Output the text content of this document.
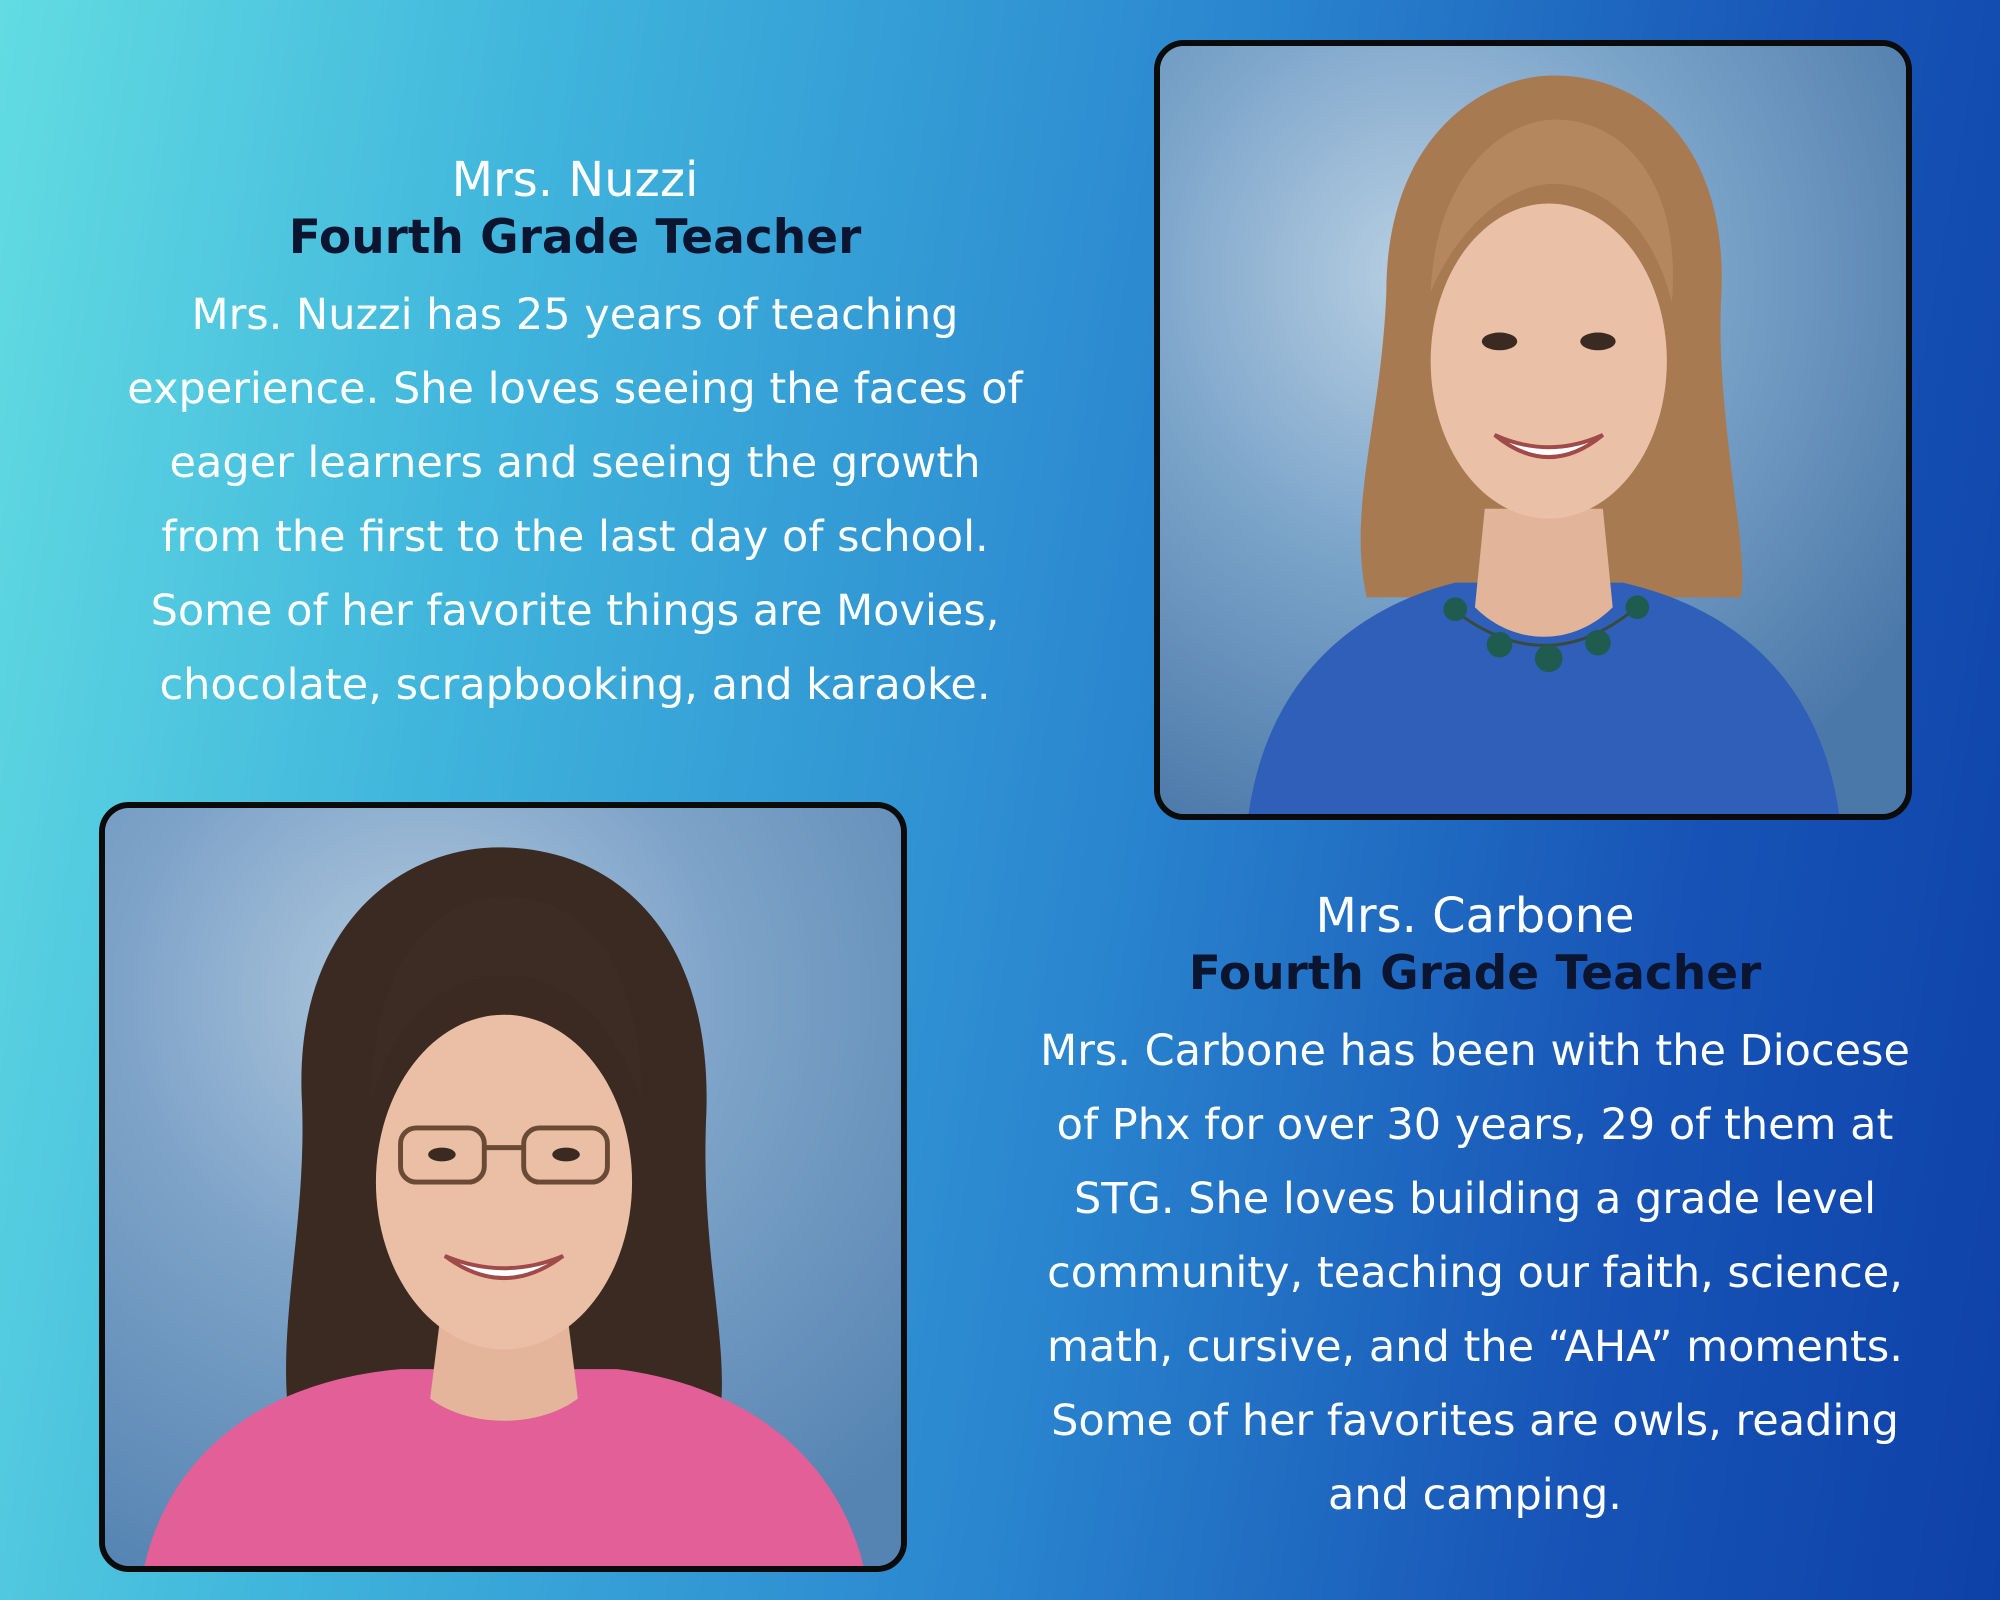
Mrs. Nuzzi

Fourth Grade Teacher

Mrs. Nuzzi has 25 years of teaching
experience. She loves seeing the faces of
eager learners and seeing the growth
from the first to the last day of school.
Some of her favorite things are Movies,
chocolate, scrapbooking, and karaoke.

Mrs. Carbone

Fourth Grade Teacher

Mrs. Carbone has been with the Diocese
of Phx for over 30 years, 29 of them at
STG. She loves building a grade level
community, teaching our faith, science,
math, cursive, and the “AHA” moments.
Some of her favorites are owls, reading
and camping.
